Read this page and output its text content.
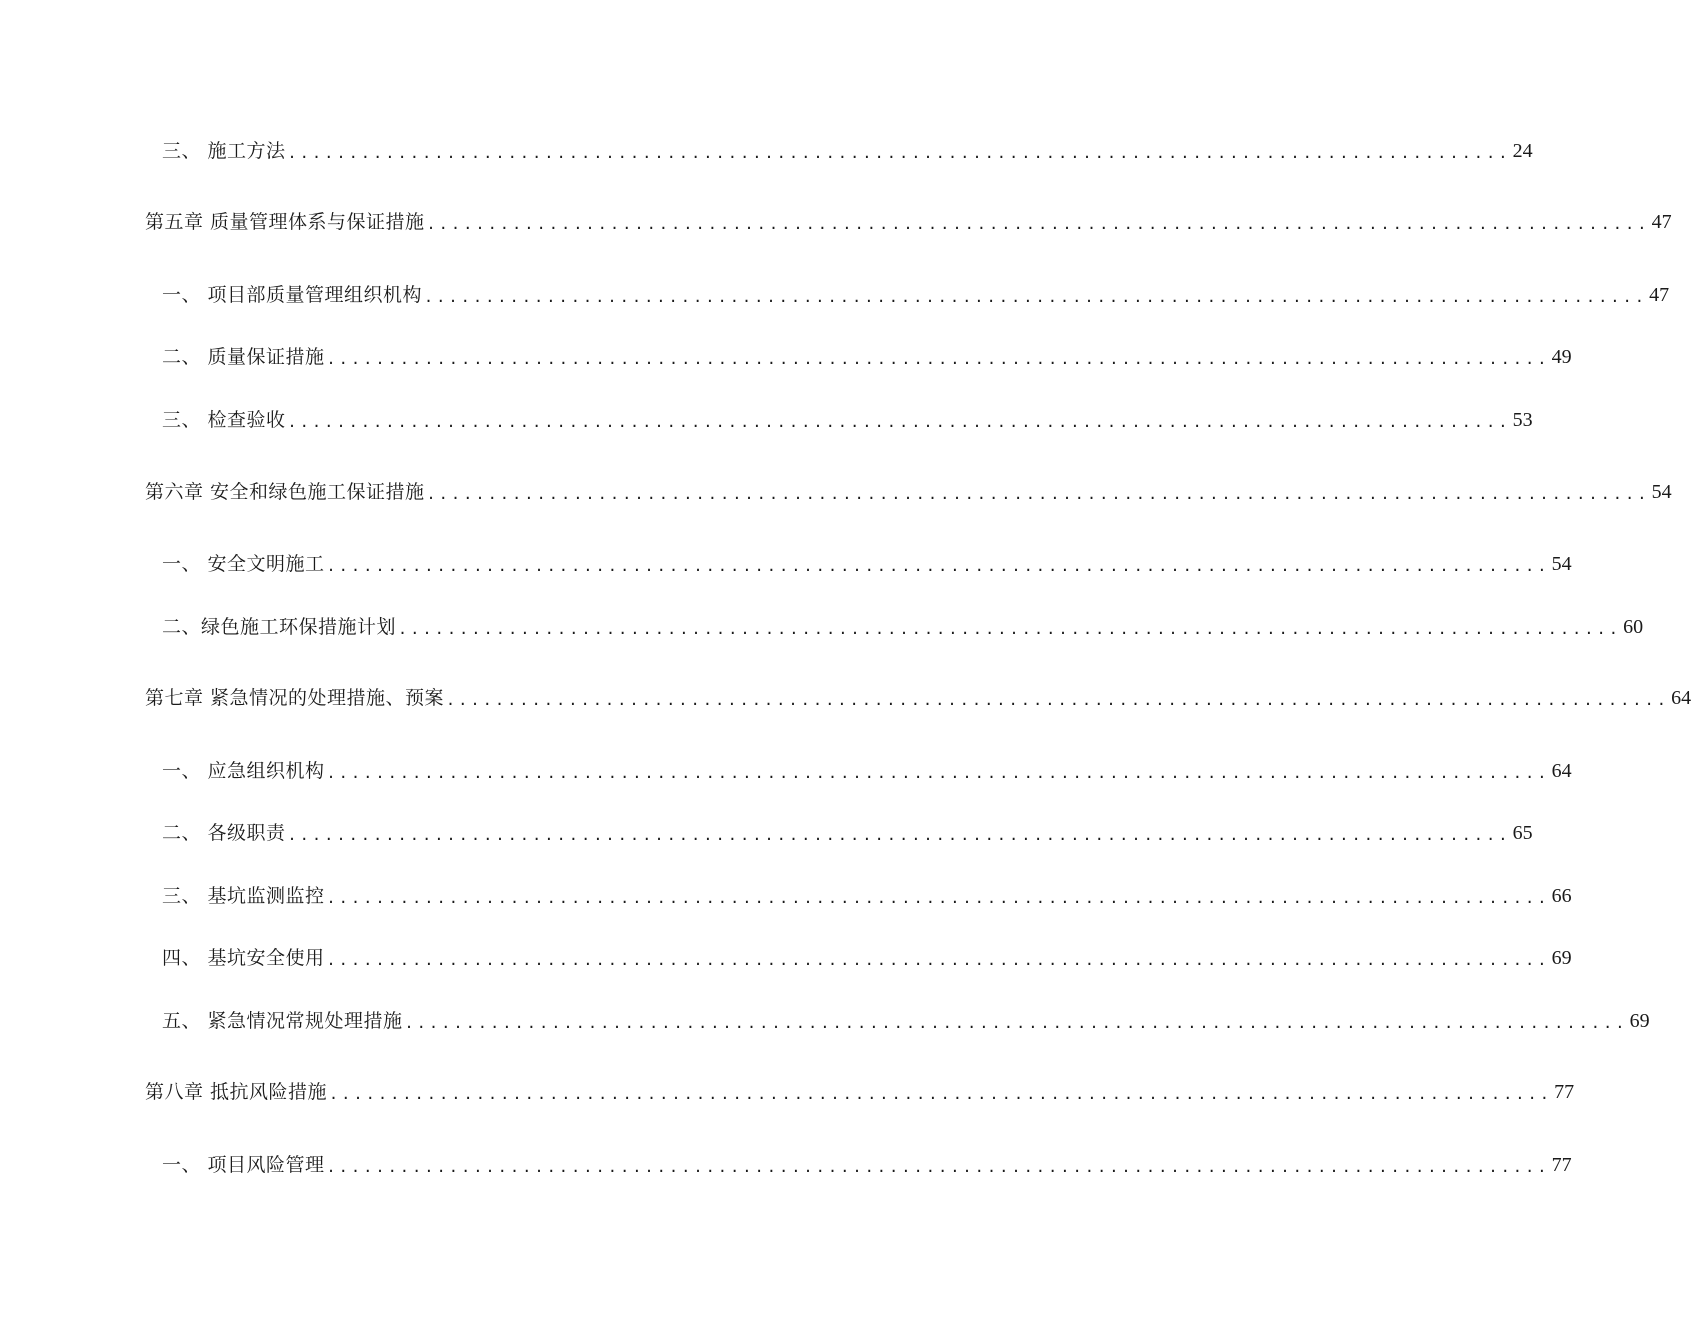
三、 施工方法 .................................................................................................... 24
第五章 质量管理体系与保证措施 .................................................................................................... 47
一、 项目部质量管理组织机构 .................................................................................................... 47
二、 质量保证措施 .................................................................................................... 49
三、 检查验收 .................................................................................................... 53
第六章 安全和绿色施工保证措施 .................................................................................................... 54
一、 安全文明施工 .................................................................................................... 54
二、绿色施工环保措施计划 .................................................................................................... 60
第七章 紧急情况的处理措施、预案 .................................................................................................... 64
一、 应急组织机构 .................................................................................................... 64
二、 各级职责 .................................................................................................... 65
三、 基坑监测监控 .................................................................................................... 66
四、 基坑安全使用 .................................................................................................... 69
五、 紧急情况常规处理措施 .................................................................................................... 69
第八章 抵抗风险措施 .................................................................................................... 77
一、 项目风险管理 .................................................................................................... 77
